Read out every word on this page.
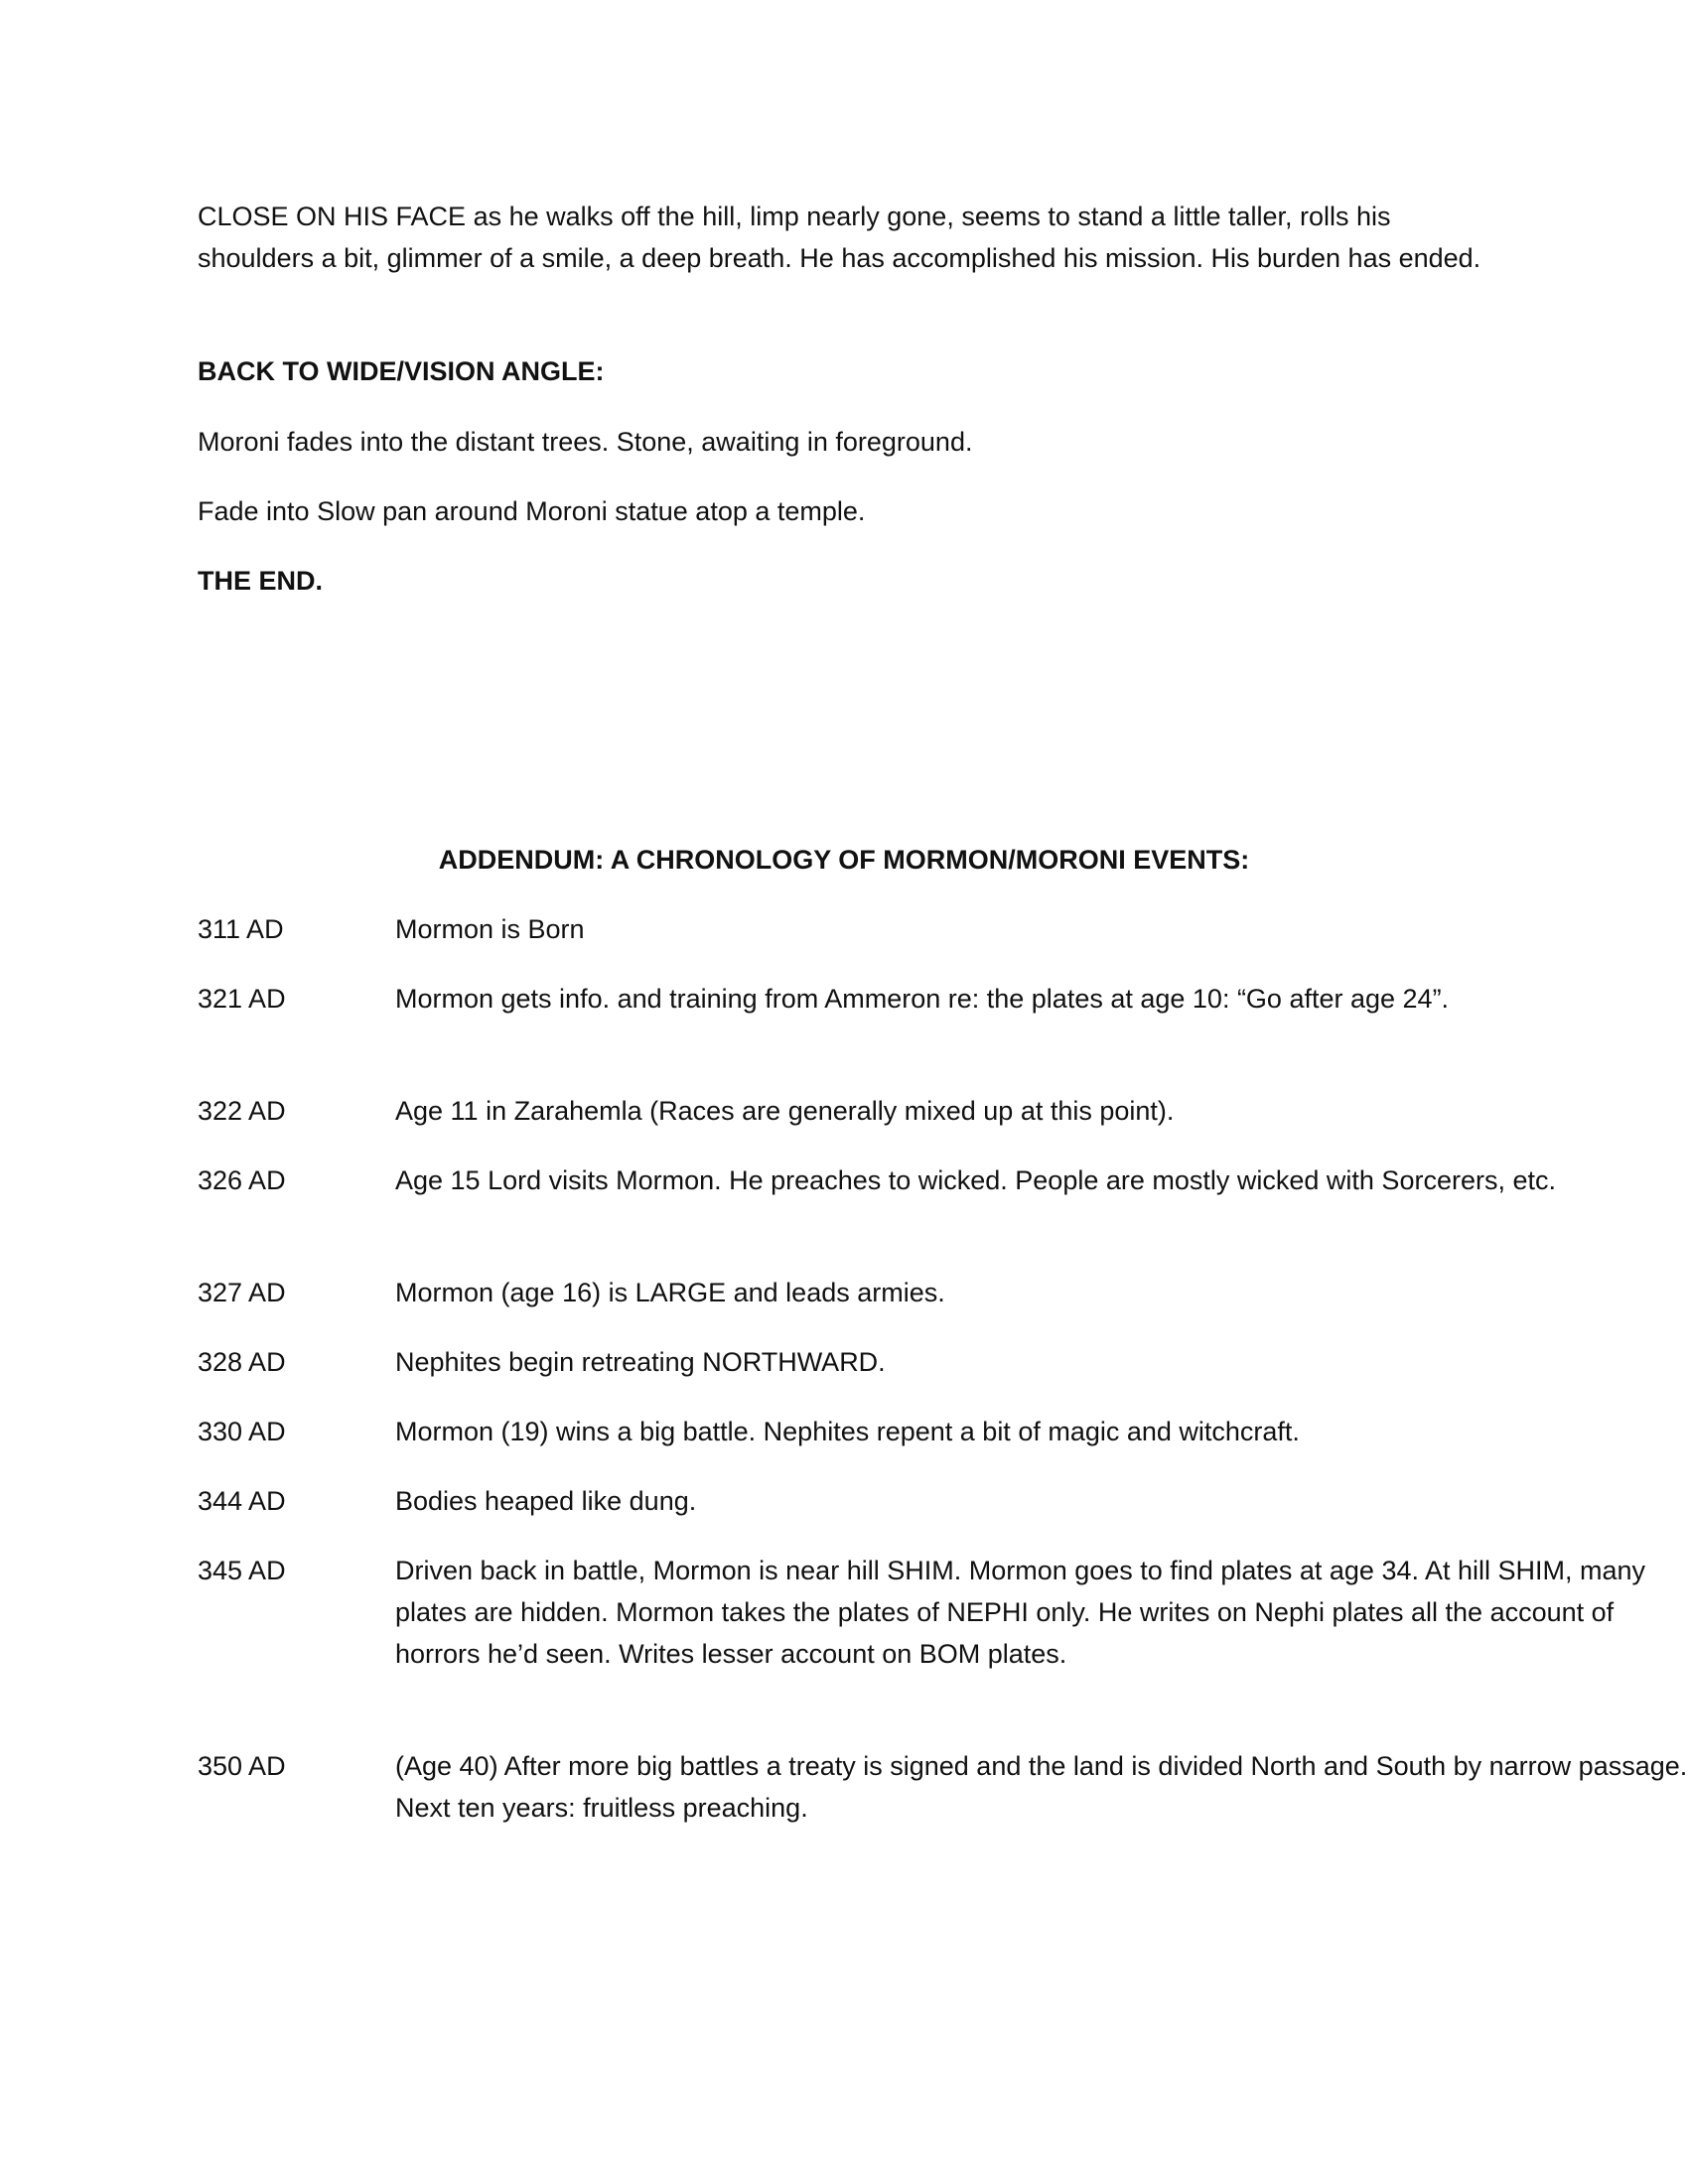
CLOSE ON HIS FACE as he walks off the hill, limp nearly gone, seems to stand a little taller, rolls his shoulders a bit, glimmer of a smile, a deep breath. He has accomplished his mission. His burden has ended.

BACK TO WIDE/VISION ANGLE:

Moroni fades into the distant trees. Stone, awaiting in foreground.

Fade into Slow pan around Moroni statue atop a temple.

THE END.

ADDENDUM: A CHRONOLOGY OF MORMON/MORONI EVENTS:

311 AD	Mormon is Born
321 AD	Mormon gets info. and training from Ammeron re: the plates at age 10: “Go after age 24”.
322 AD	Age 11 in Zarahemla (Races are generally mixed up at this point).
326 AD	Age 15 Lord visits Mormon. He preaches to wicked. People are mostly wicked with Sorcerers, etc.
327 AD	Mormon (age 16) is LARGE and leads armies.
328 AD	Nephites begin retreating NORTHWARD.
330 AD	Mormon (19) wins a big battle. Nephites repent a bit of magic and witchcraft.
344 AD	Bodies heaped like dung.
345 AD	Driven back in battle, Mormon is near hill SHIM. Mormon goes to find plates at age 34. At hill SHIM, many plates are hidden. Mormon takes the plates of NEPHI only. He writes on Nephi plates all the account of horrors he’d seen. Writes lesser account on BOM plates.
350 AD	(Age 40) After more big battles a treaty is signed and the land is divided North and South by narrow passage. Next ten years: fruitless preaching.
